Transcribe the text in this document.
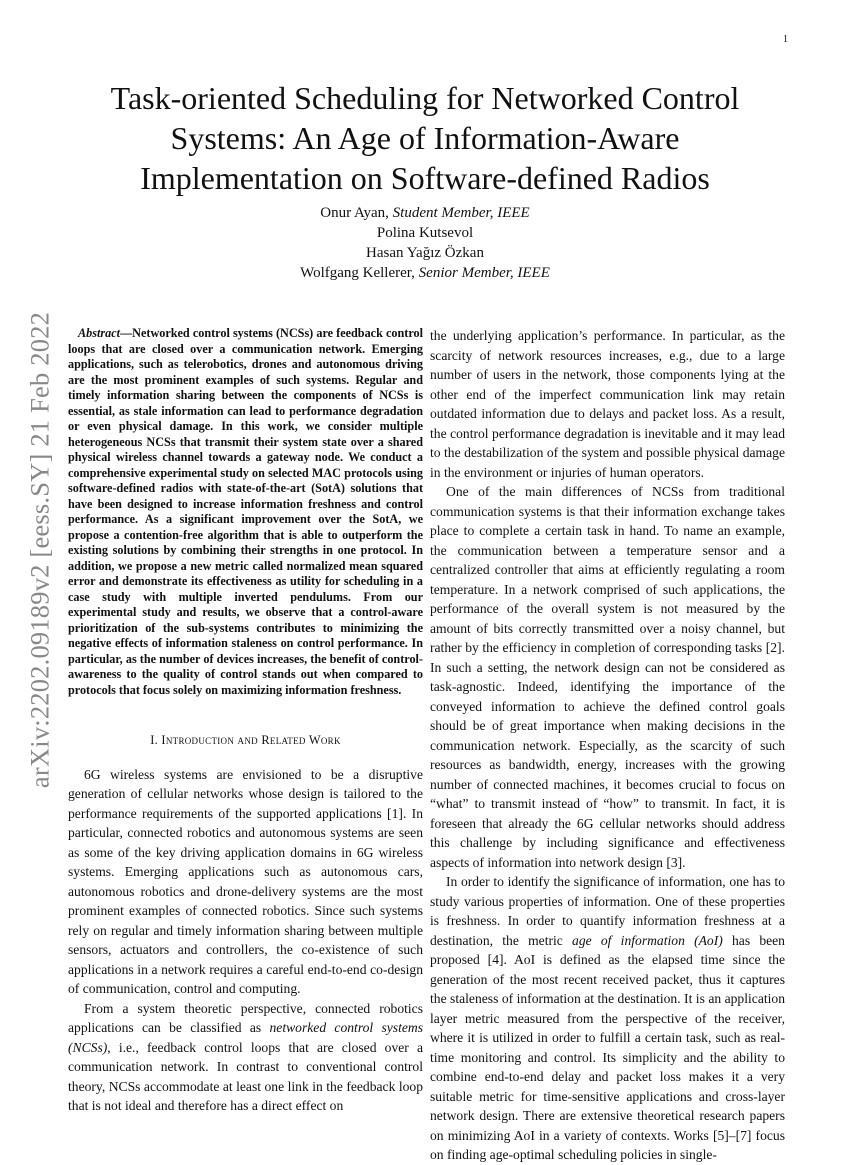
1
arXiv:2202.09189v2 [eess.SY] 21 Feb 2022
Task-oriented Scheduling for Networked Control
Systems: An Age of Information-Aware
Implementation on Software-defined Radios
Onur Ayan, Student Member, IEEE
Polina Kutsevol
Hasan Yağız Özkan
Wolfgang Kellerer, Senior Member, IEEE

Abstract—Networked control systems (NCSs) are feedback control loops that are closed over a communication network. Emerging applications, such as telerobotics, drones and autonomous driving are the most prominent examples of such systems. Regular and timely information sharing between the components of NCSs is essential, as stale information can lead to performance degradation or even physical damage. In this work, we consider multiple heterogeneous NCSs that transmit their system state over a shared physical wireless channel towards a gateway node. We conduct a comprehensive experimental study on selected MAC protocols using software-defined radios with state-of-the-art (SotA) solutions that have been designed to increase information freshness and control performance. As a significant improvement over the SotA, we propose a contention-free algorithm that is able to outperform the existing solutions by combining their strengths in one protocol. In addition, we propose a new metric called normalized mean squared error and demonstrate its effectiveness as utility for scheduling in a case study with multiple inverted pendulums. From our experimental study and results, we observe that a control-aware prioritization of the sub-systems contributes to minimizing the negative effects of information staleness on control performance. In particular, as the number of devices increases, the benefit of control-awareness to the quality of control stands out when compared to protocols that focus solely on maximizing information freshness.

I. Introduction and Related Work

6G wireless systems are envisioned to be a disruptive generation of cellular networks whose design is tailored to the performance requirements of the supported applications [1]. In particular, connected robotics and autonomous systems are seen as some of the key driving application domains in 6G wireless systems. Emerging applications such as autonomous cars, autonomous robotics and drone-delivery systems are the most prominent examples of connected robotics. Since such systems rely on regular and timely information sharing between multiple sensors, actuators and controllers, the co-existence of such applications in a network requires a careful end-to-end co-design of communication, control and computing.

From a system theoretic perspective, connected robotics applications can be classified as networked control systems (NCSs), i.e., feedback control loops that are closed over a communication network. In contrast to conventional control theory, NCSs accommodate at least one link in the feedback loop that is not ideal and therefore has a direct effect on

the underlying application’s performance. In particular, as the scarcity of network resources increases, e.g., due to a large number of users in the network, those components lying at the other end of the imperfect communication link may retain outdated information due to delays and packet loss. As a result, the control performance degradation is inevitable and it may lead to the destabilization of the system and possible physical damage in the environment or injuries of human operators.

One of the main differences of NCSs from traditional communication systems is that their information exchange takes place to complete a certain task in hand. To name an example, the communication between a temperature sensor and a centralized controller that aims at efficiently regulating a room temperature. In a network comprised of such applications, the performance of the overall system is not measured by the amount of bits correctly transmitted over a noisy channel, but rather by the efficiency in completion of corresponding tasks [2]. In such a setting, the network design can not be considered as task-agnostic. Indeed, identifying the importance of the conveyed information to achieve the defined control goals should be of great importance when making decisions in the communication network. Especially, as the scarcity of such resources as bandwidth, energy, increases with the growing number of connected machines, it becomes crucial to focus on “what” to transmit instead of “how” to transmit. In fact, it is foreseen that already the 6G cellular networks should address this challenge by including significance and effectiveness aspects of information into network design [3].

In order to identify the significance of information, one has to study various properties of information. One of these properties is freshness. In order to quantify information freshness at a destination, the metric age of information (AoI) has been proposed [4]. AoI is defined as the elapsed time since the generation of the most recent received packet, thus it captures the staleness of information at the destination. It is an application layer metric measured from the perspective of the receiver, where it is utilized in order to fulfill a certain task, such as real-time monitoring and control. Its simplicity and the ability to combine end-to-end delay and packet loss makes it a very suitable metric for time-sensitive applications and cross-layer network design. There are extensive theoretical research papers on minimizing AoI in a variety of contexts. Works [5]–[7] focus on finding age-optimal scheduling policies in single-
